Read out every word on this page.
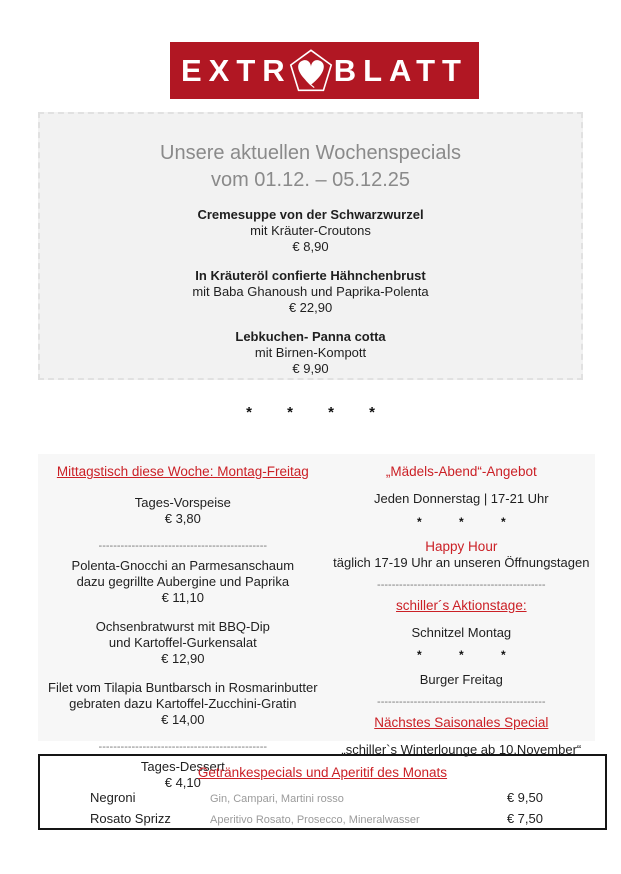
EXTR BLATT
Unsere aktuellen Wochenspecials
vom 01.12. – 05.12.25
Cremesuppe von der Schwarzwurzel
mit Kräuter-Croutons
€ 8,90
In Kräuteröl confierte Hähnchenbrust
mit Baba Ghanoush und Paprika-Polenta
€ 22,90
Lebkuchen- Panna cotta
mit Birnen-Kompott
€ 9,90
* * * *
Mittagstisch diese Woche: Montag-Freitag
Tages-Vorspeise
€ 3,80
----------------------------------------------
Polenta-Gnocchi an Parmesanschaum
dazu gegrillte Aubergine und Paprika
€ 11,10
Ochsenbratwurst mit BBQ-Dip
und Kartoffel-Gurkensalat
€ 12,90
Filet vom Tilapia Buntbarsch in Rosmarinbutter
gebraten dazu Kartoffel-Zucchini-Gratin
€ 14,00
----------------------------------------------
Tages-Dessert
€ 4,10
„Mädels-Abend“-Angebot
Jeden Donnerstag | 17-21 Uhr
* * *
Happy Hour
täglich 17-19 Uhr an unseren Öffnungstagen
----------------------------------------------
schiller´s Aktionstage:
Schnitzel Montag
* * *
Burger Freitag
----------------------------------------------
Nächstes Saisonales Special
„schiller`s Winterlounge ab 10.November“
Getränkespecials und Aperitif des Monats
Negroni	Gin, Campari, Martini rosso	€ 9,50
Rosato Sprizz	Aperitivo Rosato, Prosecco, Mineralwasser	€ 7,50
